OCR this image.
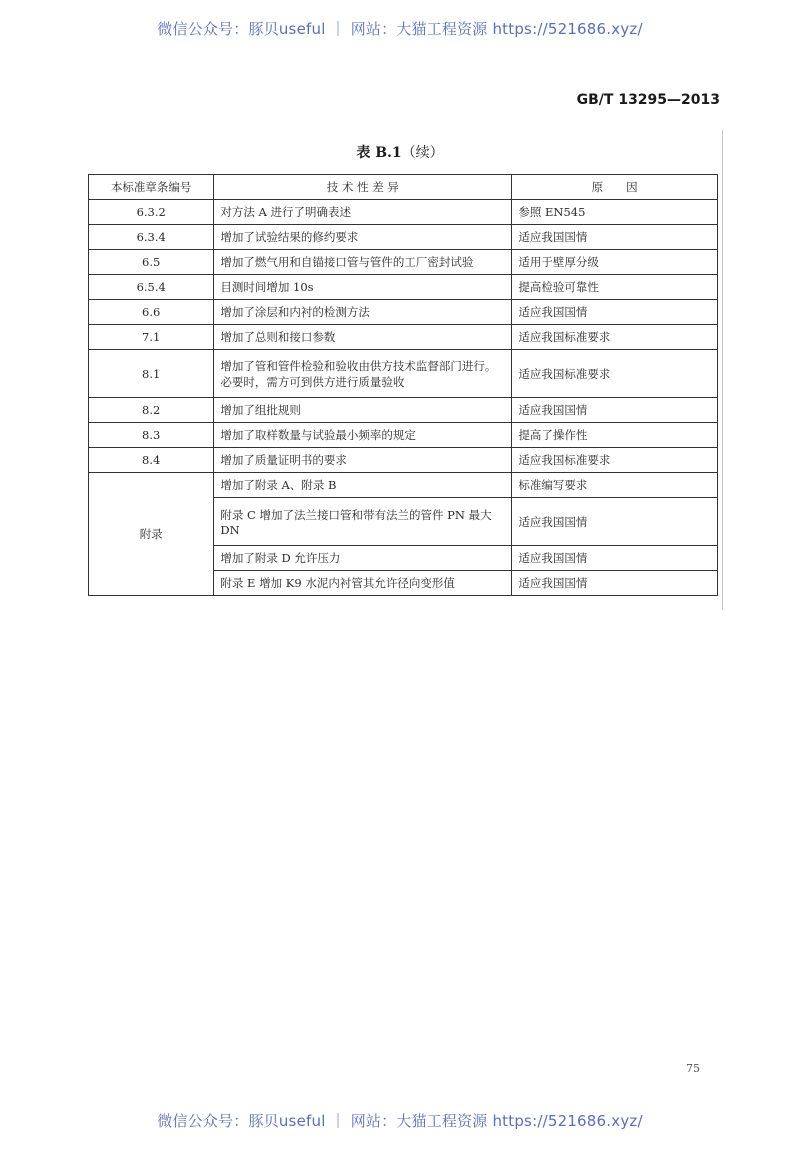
微信公众号：豚贝useful ｜ 网站：大猫工程资源 https://521686.xyz/
GB/T 13295—2013
表 B.1（续）
本标准章条编号	技 术 性 差 异	原　　因
6.3.2	对方法 A 进行了明确表述	参照 EN545
6.3.4	增加了试验结果的修约要求	适应我国国情
6.5	增加了燃气用和自锚接口管与管件的工厂密封试验	适用于壁厚分级
6.5.4	目测时间增加 10s	提高检验可靠性
6.6	增加了涂层和内衬的检测方法	适应我国国情
7.1	增加了总则和接口参数	适应我国标准要求
8.1	增加了管和管件检验和验收由供方技术监督部门进行。必要时，需方可到供方进行质量验收	适应我国标准要求
8.2	增加了组批规则	适应我国国情
8.3	增加了取样数量与试验最小频率的规定	提高了操作性
8.4	增加了质量证明书的要求	适应我国标准要求
附录	增加了附录 A、附录 B	标准编写要求
	附录 C 增加了法兰接口管和带有法兰的管件 PN 最大 DN	适应我国国情
	增加了附录 D 允许压力	适应我国国情
	附录 E 增加 K9 水泥内衬管其允许径向变形值	适应我国国情
75
微信公众号：豚贝useful ｜ 网站：大猫工程资源 https://521686.xyz/
